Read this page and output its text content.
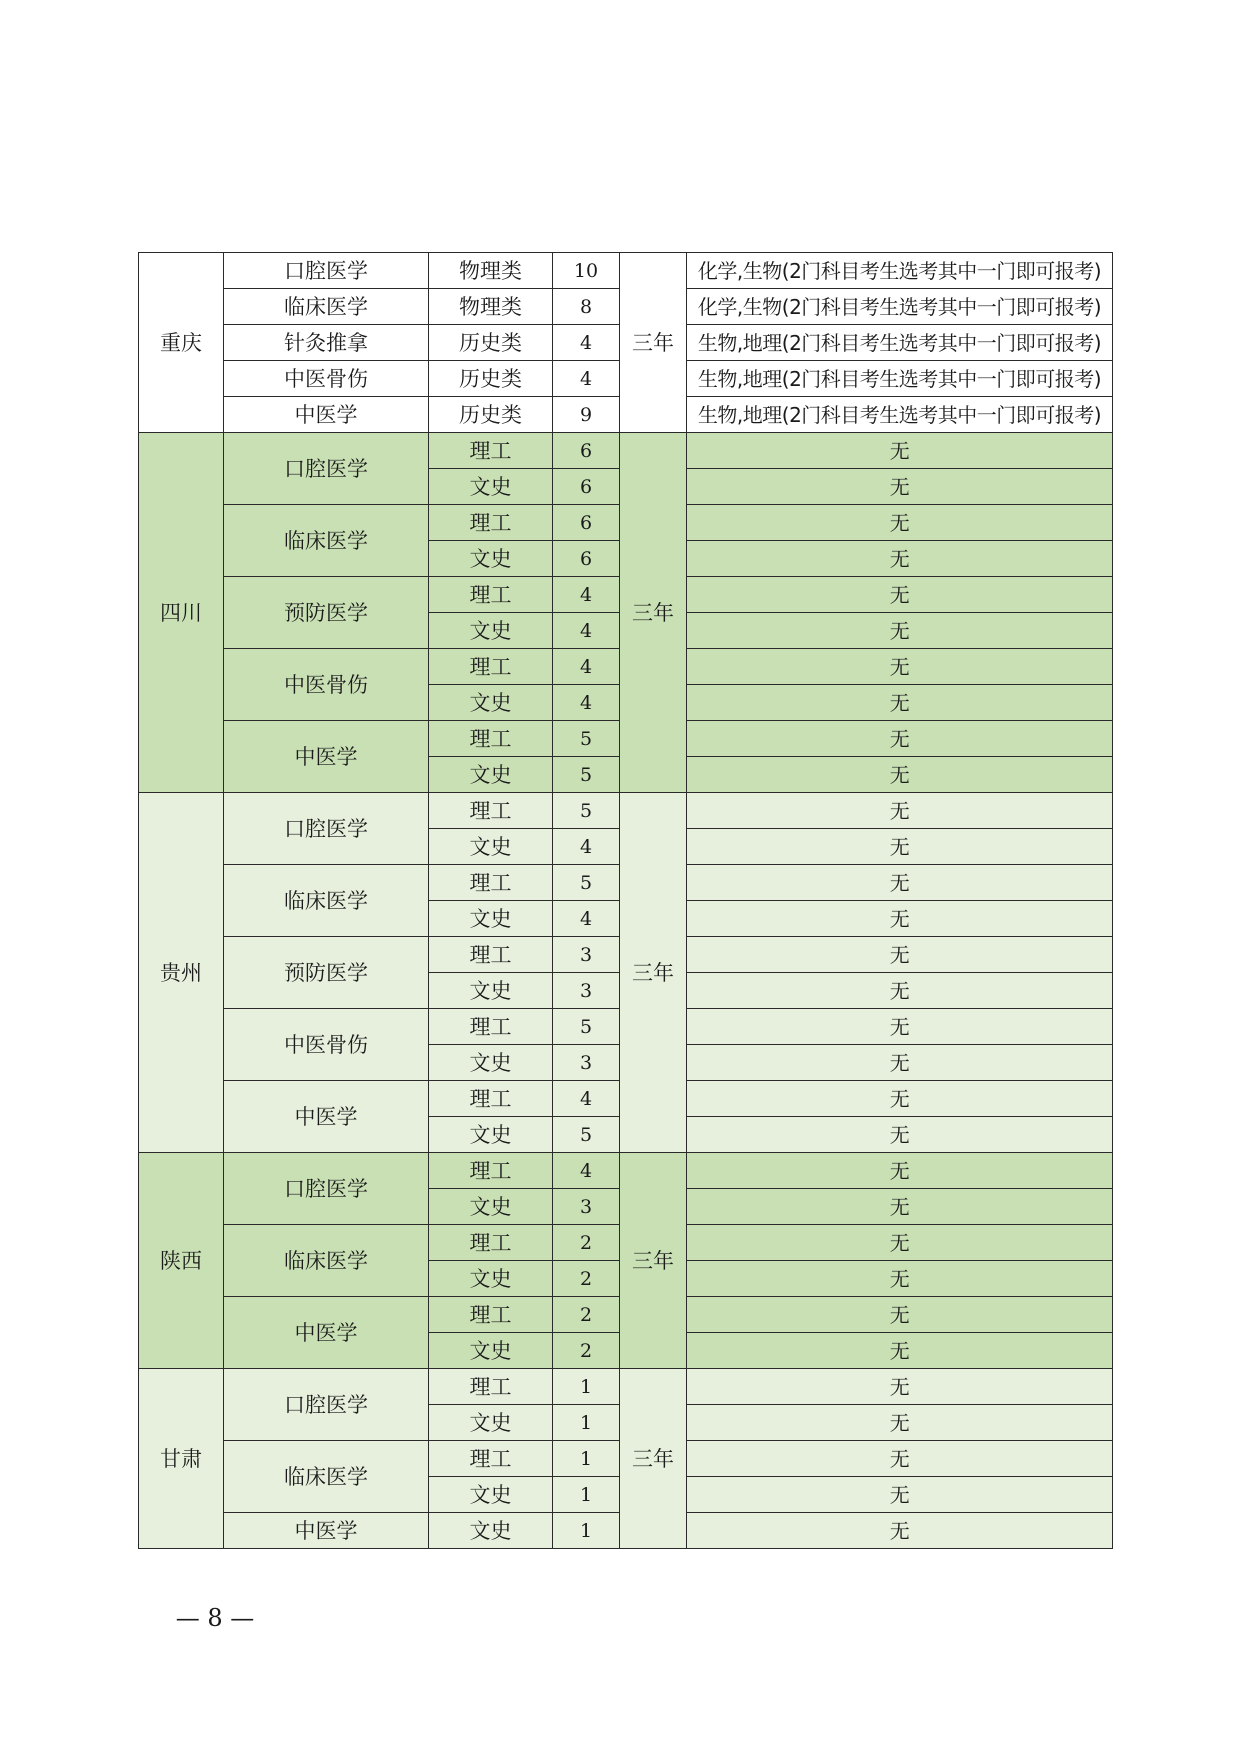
重庆	口腔医学	物理类	10	三年	化学,生物(2门科目考生选考其中一门即可报考)
	临床医学	物理类	8		化学,生物(2门科目考生选考其中一门即可报考)
	针灸推拿	历史类	4		生物,地理(2门科目考生选考其中一门即可报考)
	中医骨伤	历史类	4		生物,地理(2门科目考生选考其中一门即可报考)
	中医学	历史类	9		生物,地理(2门科目考生选考其中一门即可报考)
四川	口腔医学	理工	6	三年	无
		文史	6		无
	临床医学	理工	6		无
		文史	6		无
	预防医学	理工	4		无
		文史	4		无
	中医骨伤	理工	4		无
		文史	4		无
	中医学	理工	5		无
		文史	5		无
贵州	口腔医学	理工	5	三年	无
		文史	4		无
	临床医学	理工	5		无
		文史	4		无
	预防医学	理工	3		无
		文史	3		无
	中医骨伤	理工	5		无
		文史	3		无
	中医学	理工	4		无
		文史	5		无
陕西	口腔医学	理工	4	三年	无
		文史	3		无
	临床医学	理工	2		无
		文史	2		无
	中医学	理工	2		无
		文史	2		无
甘肃	口腔医学	理工	1	三年	无
		文史	1		无
	临床医学	理工	1		无
		文史	1		无
	中医学	文史	1		无
— 8 —
